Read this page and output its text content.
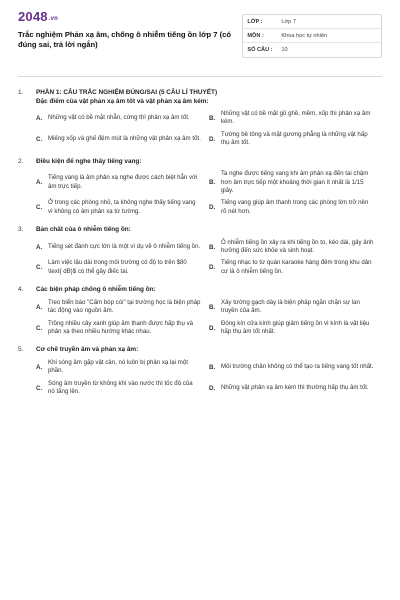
2048.vn
Trắc nghiệm Phản xạ âm, chống ô nhiễm tiếng ồn lớp 7 (có đúng sai, trả lời ngắn)
LỚP :	Lớp 7
MÔN :	Khoa học tự nhiên
SỐ CÂU :	10
1.	PHẦN 1: CÂU TRẮC NGHIỆM ĐÚNG/SAI (5 CÂU LÍ THUYẾT)
Đặc điểm của vật phản xạ âm tốt và vật phản xạ âm kém:
A. Những vật có bề mặt nhẵn, cứng thì phản xạ âm tốt.	B.
Những vật có bề mặt gồ ghề, mềm, xốp thì phản xạ âm kém.
C. Miếng xốp và ghế đệm mút là những vật phản xạ âm tốt.	D.
Tường bê tông và mặt gương phẳng là những vật hấp thụ âm tốt.
2.	Điều kiện để nghe thấy tiếng vang:
A.
Tiếng vang là âm phản xạ nghe được cách biệt hẳn với âm trực tiếp.	B.
Ta nghe được tiếng vang khi âm phản xạ đến tai chậm hơn âm trực tiếp một khoảng thời gian ít nhất là 1/15 giây.
C.
Ở trong các phòng nhỏ, ta không nghe thấy tiếng vang vì không có âm phản xạ từ tường.	D.
Tiếng vang giúp âm thanh trong các phòng lớn trở nên rõ nét hơn.
3.	Bản chất của ô nhiễm tiếng ồn:
A. Tiếng sét đánh cực lớn là một ví dụ về ô nhiễm tiếng ồn.	B.
Ô nhiễm tiếng ồn xảy ra khi tiếng ồn to, kéo dài, gây ảnh hưởng đến sức khỏe và sinh hoạt.
C.
Làm việc lâu dài trong môi trường có độ to trên $80 \text{ dB}$ có thể gây điếc tai.	D.
Tiếng nhạc to từ quán karaoke hàng đêm trong khu dân cư là ô nhiễm tiếng ồn.
4.	Các biện pháp chống ô nhiễm tiếng ồn:
A.
Treo biển báo "Cấm bóp còi" tại trường học là biện pháp tác động vào nguồn âm.	B.
Xây tường gạch dày là biện pháp ngăn chặn sự lan truyền của âm.
C.
Trồng nhiều cây xanh giúp âm thanh được hấp thụ và phản xạ theo nhiều hướng khác nhau.	D.
Đóng kín cửa kính giúp giảm tiếng ồn vì kính là vật liệu hấp thụ âm tốt nhất.
5.	Cơ chế truyền âm và phản xạ âm:
A.
Khi sóng âm gặp vật cản, nó luôn bị phản xạ lại một phần.	B. Môi trường chân không có thể tạo ra tiếng vang tốt nhất.
C.
Sóng âm truyền từ không khí vào nước thì tốc độ của nó tăng lên.	D. Những vật phản xạ âm kém thì thường hấp thụ âm tốt.
